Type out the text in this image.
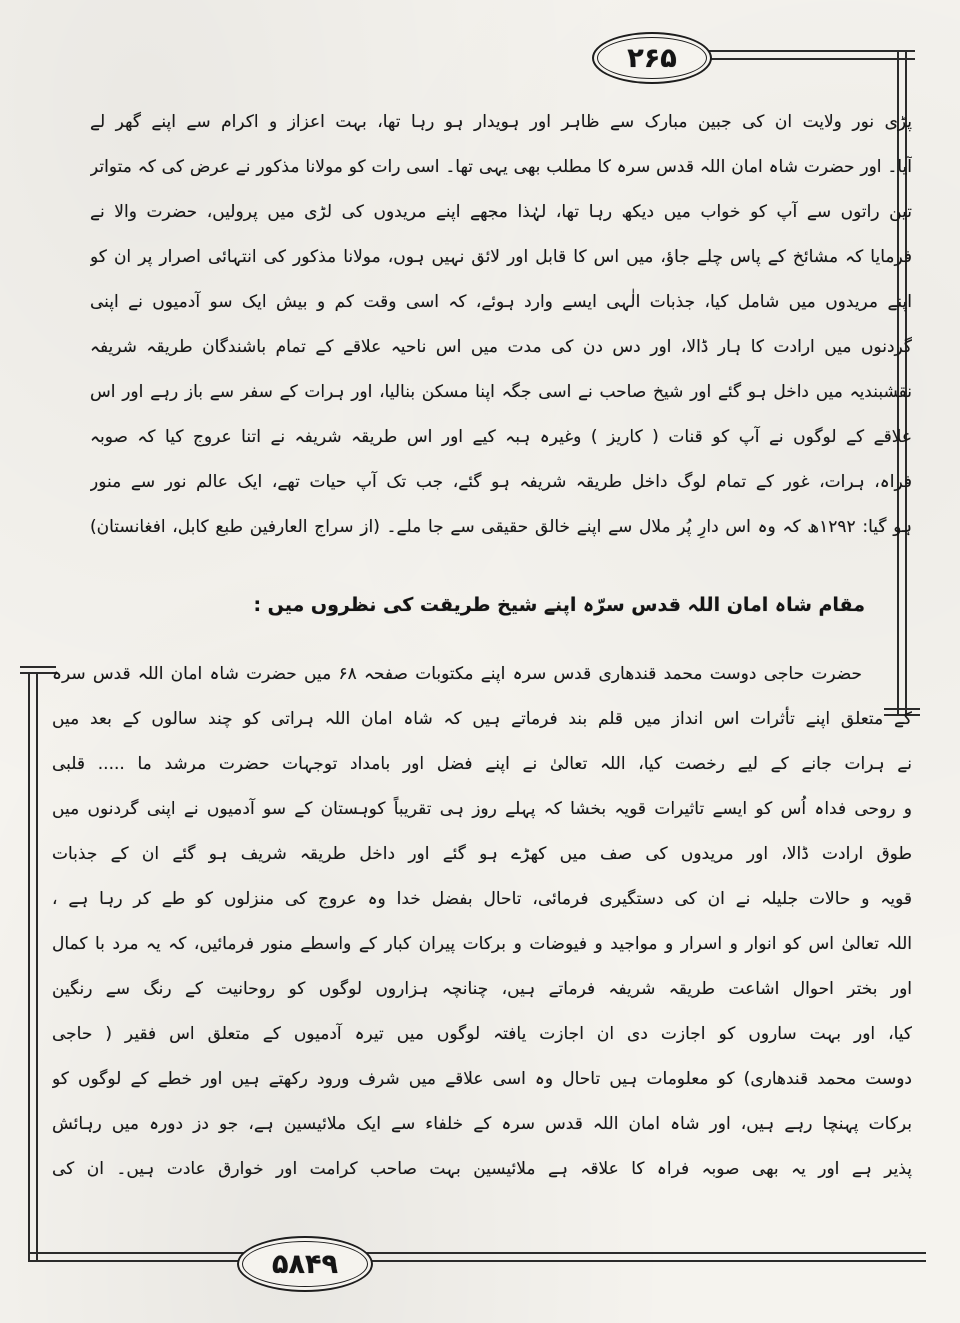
۲۶۵
پڑی نور ولایت ان کی جبین مبارک سے ظاہر اور ہویدار ہو رہا تھا، بہت اعزاز و اکرام سے اپنے گھر لے
آیا۔ اور حضرت شاہ امان اللہ قدس سرہ کا مطلب بھی یہی تھا۔ اسی رات کو مولانا مذکور نے عرض کی کہ متواتر
تین راتوں سے آپ کو خواب میں دیکھ رہا تھا، لہٰذا مجھے اپنے مریدوں کی لڑی میں پرولیں، حضرت والا نے
فرمایا کہ مشائخ کے پاس چلے جاؤ، میں اس کا قابل اور لائق نہیں ہوں، مولانا مذکور کی انتہائی اصرار پر ان کو
اپنے مریدوں میں شامل کیا، جذبات الٰہی ایسے وارد ہوئے، کہ اسی وقت کم و بیش ایک سو آدمیوں نے اپنی
گردنوں میں ارادت کا ہار ڈالا، اور دس دن کی مدت میں اس ناحیہ علاقے کے تمام باشندگان طریقہ شریفہ
نقشبندیہ میں داخل ہو گئے اور شیخ صاحب نے اسی جگہ اپنا مسکن بنالیا، اور ہرات کے سفر سے باز رہے اور اس
علاقے کے لوگوں نے آپ کو قنات ( کاریز ) وغیرہ ہبہ کیے اور اس طریقہ شریفہ نے اتنا عروج کیا کہ صوبہ
فراہ، ہرات، غور کے تمام لوگ داخل طریقہ شریفہ ہو گئے، جب تک آپ حیات تھے، ایک عالم نور سے منور
ہو گیا: ۱۲۹۲ھ کہ وہ اس دارِ پُر ملال سے اپنے خالق حقیقی سے جا ملے۔ (از سراج العارفین طبع کابل، افغانستان)
مقام شاہ امان اللہ قدس سرّہ اپنے شیخ طریقت کی نظروں میں :
حضرت حاجی دوست محمد قندھاری قدس سرہ اپنے مکتوبات صفحہ ۶۸ میں حضرت شاہ امان اللہ قدس سرہ
کے متعلق اپنے تأثرات اس انداز میں قلم بند فرماتے ہیں کہ شاہ امان اللہ ہراتی کو چند سالوں کے بعد میں
نے ہرات جانے کے لیے رخصت کیا، اللہ تعالیٰ نے اپنے فضل اور بامداد توجہات حضرت مرشد ما ..... قلبی
و روحی فداہ اُس کو ایسے تاثیرات قویہ بخشا کہ پہلے روز ہی تقریباً کوہستان کے سو آدمیوں نے اپنی گردنوں میں
طوق ارادت ڈالا، اور مریدوں کی صف میں کھڑے ہو گئے اور داخل طریقہ شریف ہو گئے ان کے جذبات
قویہ و حالات جلیلہ نے ان کی دستگیری فرمائی، تاحال بفضل خدا وہ عروج کی منزلوں کو طے کر رہا ہے ،
اللہ تعالیٰ اس کو انوار و اسرار و مواجید و فیوضات و برکات پیران کبار کے واسطے منور فرمائیں، کہ یہ مرد با کمال
اور بختر احوال اشاعت طریقہ شریفہ فرماتے ہیں، چنانچہ ہزاروں لوگوں کو روحانیت کے رنگ سے رنگین
کیا، اور بہت ساروں کو اجازت دی ان اجازت یافتہ لوگوں میں تیرہ آدمیوں کے متعلق اس فقیر ( حاجی
دوست محمد قندھاری) کو معلومات ہیں تاحال وہ اسی علاقے میں شرف ورود رکھتے ہیں اور خطے کے لوگوں کو
برکات پہنچا رہے ہیں، اور شاہ امان اللہ قدس سرہ کے خلفاء سے ایک ملائیسین ہے، جو دز دورہ میں رہائش
پذیر ہے اور یہ بھی صوبہ فراہ کا علاقہ ہے ملائیسین بہت صاحب کرامت اور خوارق عادت ہیں۔ ان کی
۵۸۴۹
